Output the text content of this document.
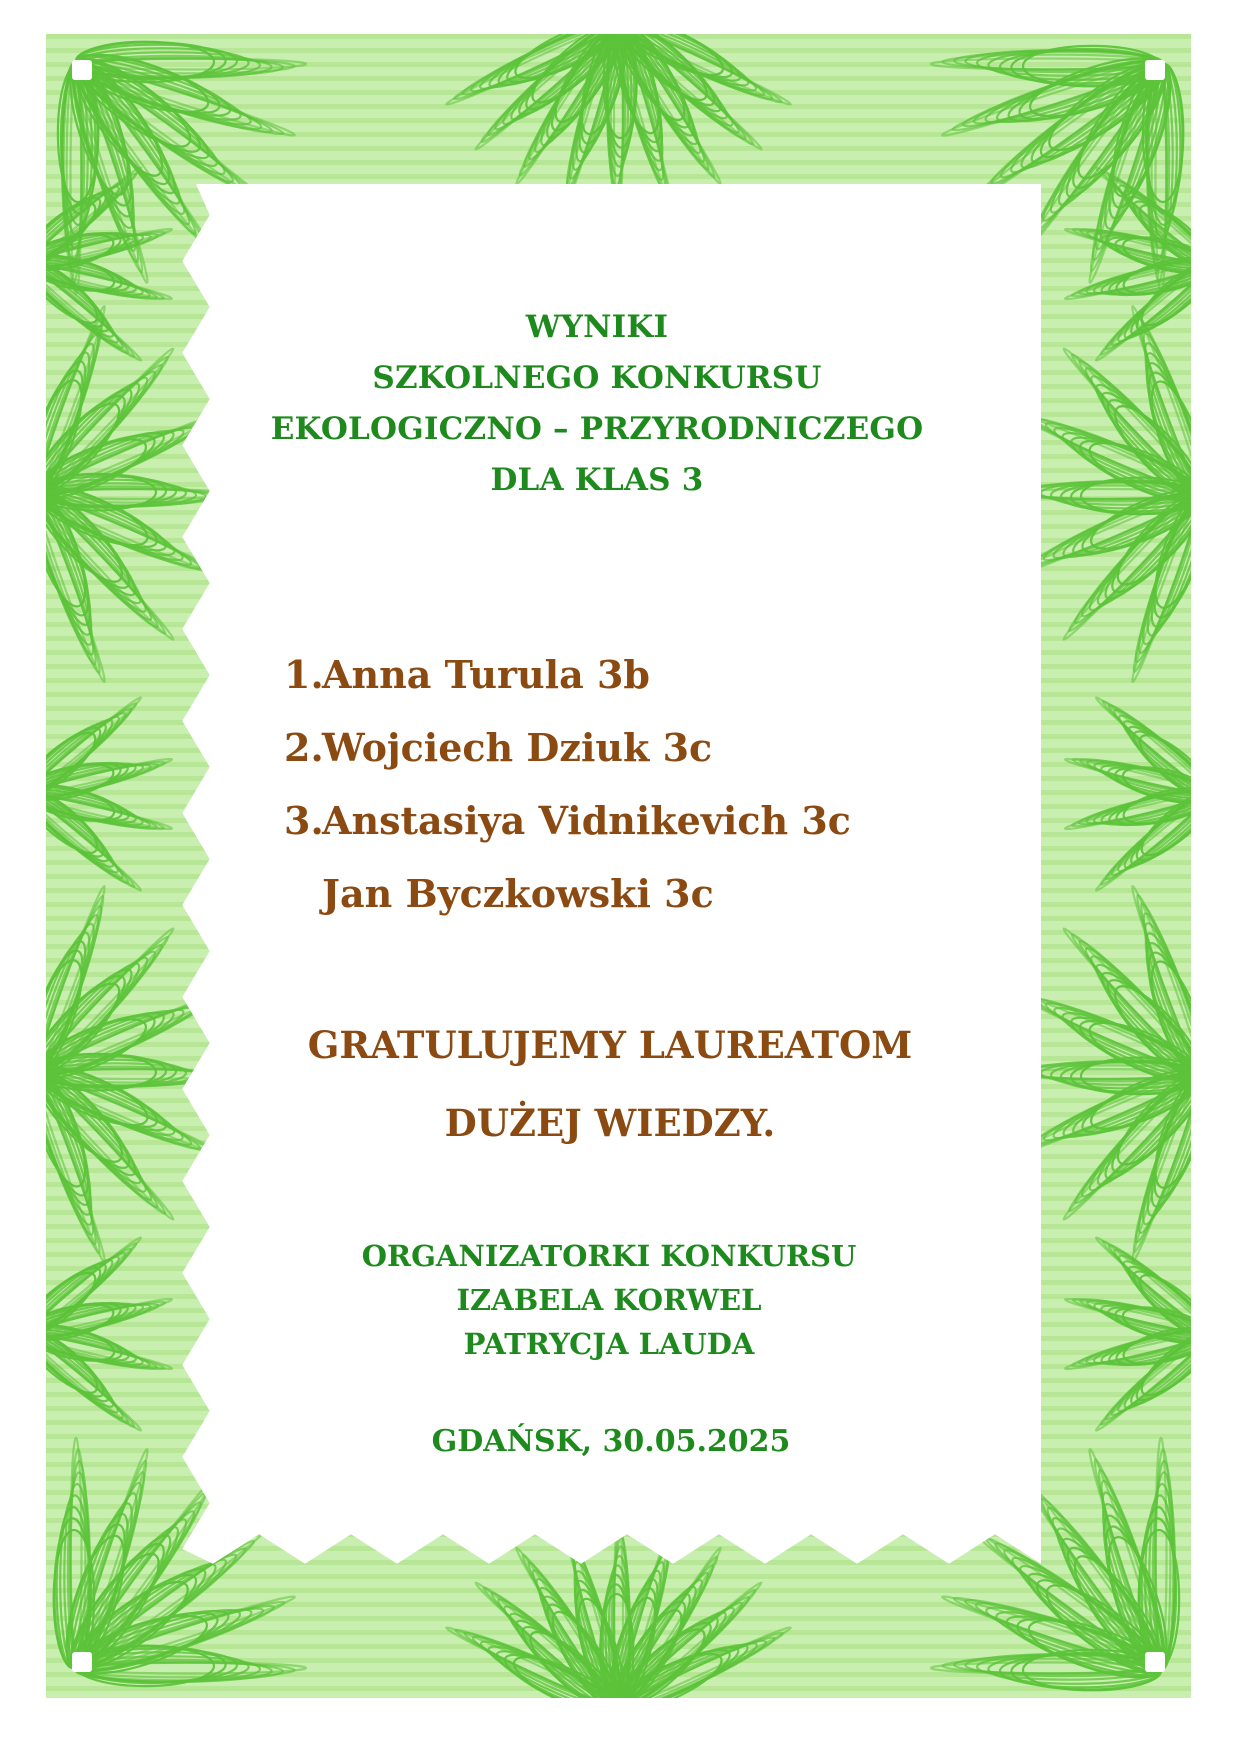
WYNIKI
SZKOLNEGO KONKURSU
EKOLOGICZNO – PRZYRODNICZEGO
DLA KLAS 3
1.Anna Turula 3b
2.Wojciech Dziuk 3c
3.Anstasiya Vidnikevich 3c
Jan Byczkowski 3c
GRATULUJEMY LAUREATOM
DUŻEJ WIEDZY.
ORGANIZATORKI KONKURSU
IZABELA KORWEL
PATRYCJA LAUDA
GDAŃSK, 30.05.2025
